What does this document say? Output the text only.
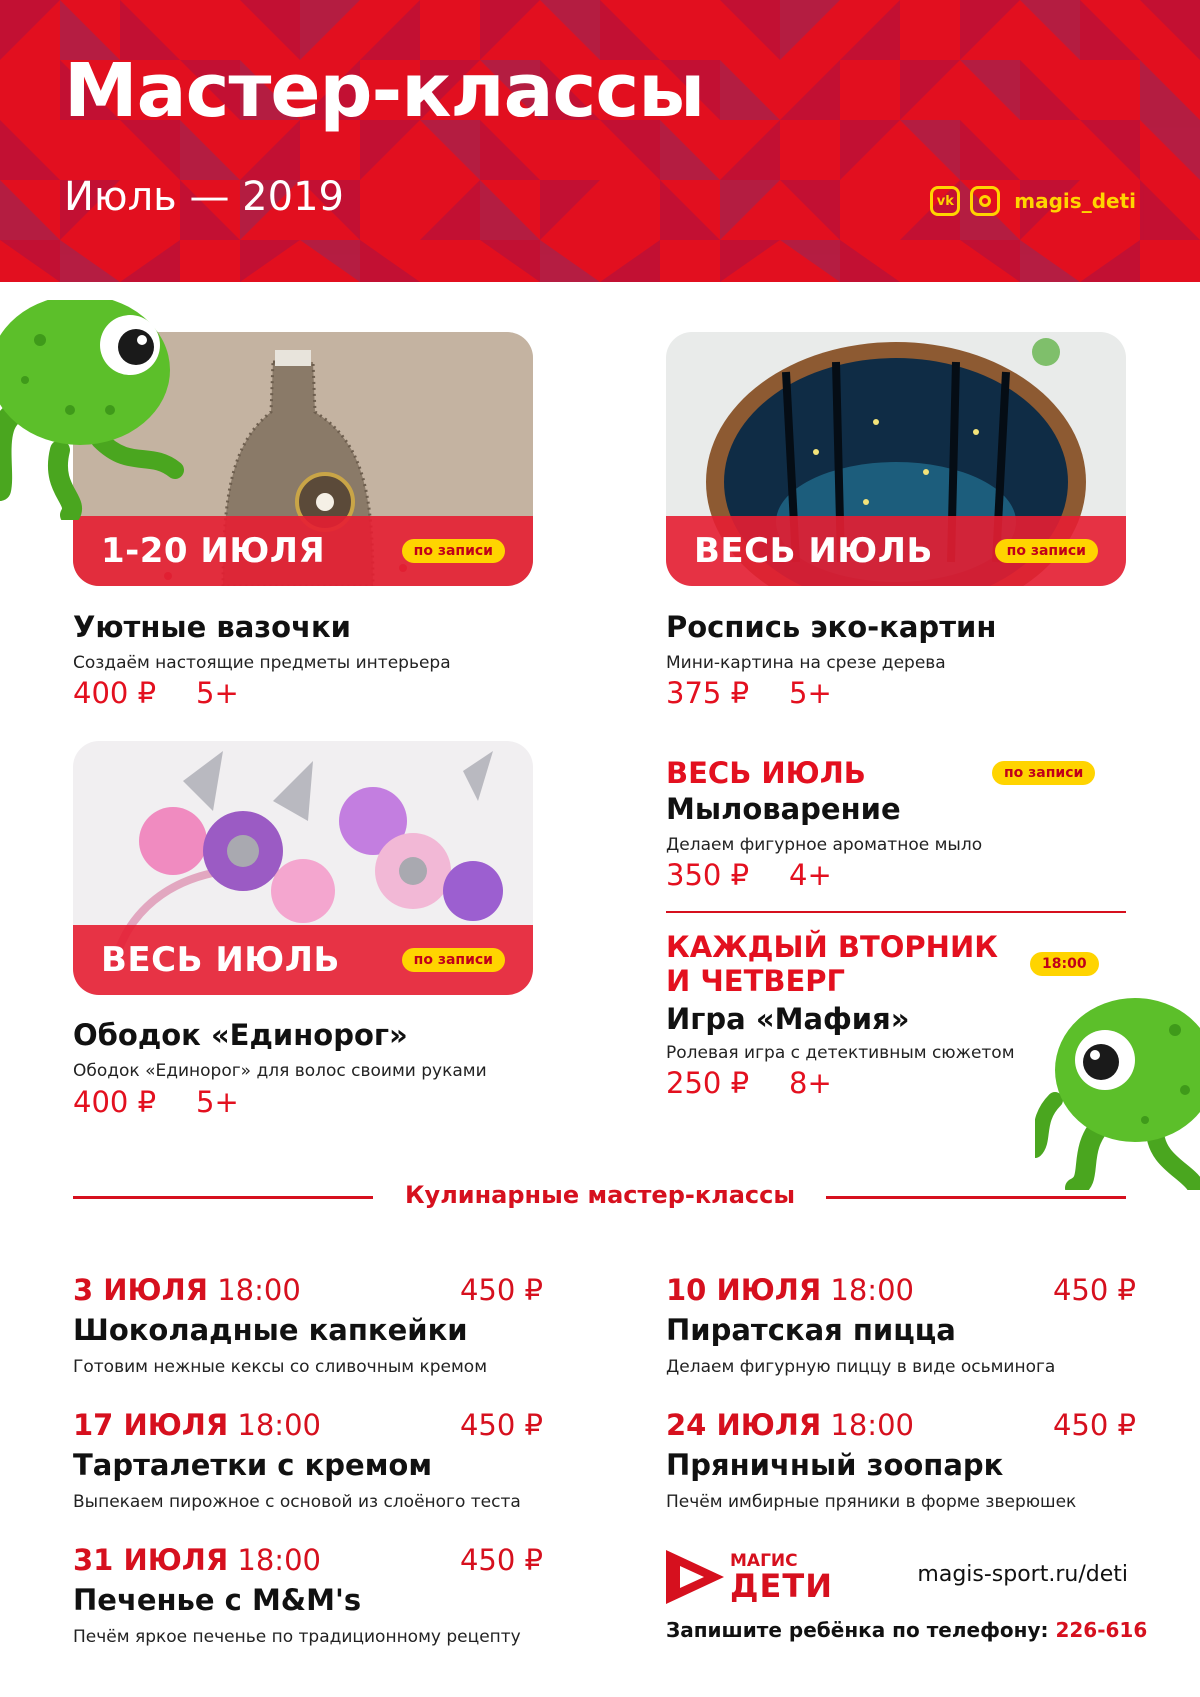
Мастер-классы
Июль — 2019	vk	magis_deti
1-20 ИЮЛЯ	по записи
Уютные вазочки
Создаём настоящие предметы интерьера
400 ₽ 5+
ВЕСЬ ИЮЛЬ	по записи
Роспись эко-картин
Мини-картина на срезе дерева
375 ₽ 5+
ВЕСЬ ИЮЛЬ	по записи
Ободок «Единорог»
Ободок «Единорог» для волос своими руками
400 ₽ 5+
ВЕСЬ ИЮЛЬ	по записи
Мыловарение
Делаем фигурное ароматное мыло
350 ₽ 4+
КАЖДЫЙ ВТОРНИК
И ЧЕТВЕРГ	18:00
Игра «Мафия»
Ролевая игра с детективным сюжетом
250 ₽ 8+
Кулинарные мастер-классы
3 ИЮЛЯ 18:00	450 ₽
Шоколадные капкейки
Готовим нежные кексы со сливочным кремом
10 ИЮЛЯ 18:00	450 ₽
Пиратская пицца
Делаем фигурную пиццу в виде осьминога
17 ИЮЛЯ 18:00	450 ₽
Тарталетки с кремом
Выпекаем пирожное с основой из слоёного теста
24 ИЮЛЯ 18:00	450 ₽
Пряничный зоопарк
Печём имбирные пряники в форме зверюшек
31 ИЮЛЯ 18:00	450 ₽
Печенье с M&M's
Печём яркое печенье по традиционному рецепту
МАГИС
ДЕТИ	magis-sport.ru/deti
Запишите ребёнка по телефону: 226-616
